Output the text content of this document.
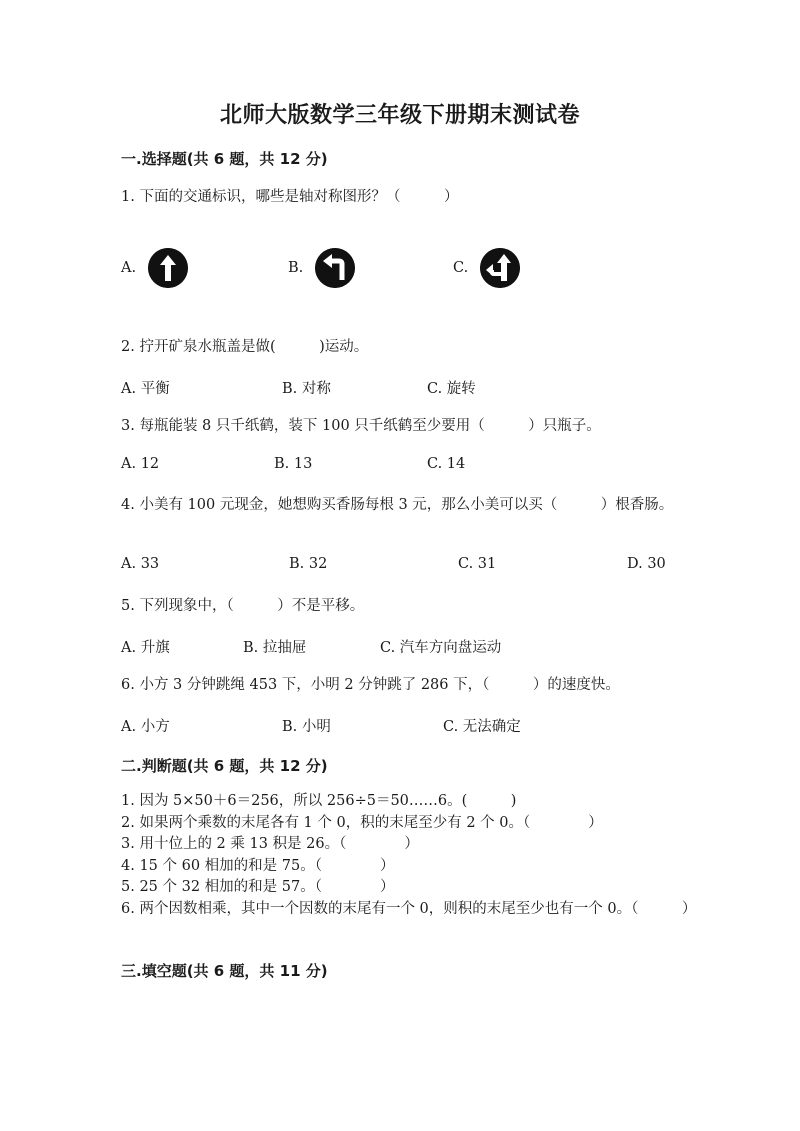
北师大版数学三年级下册期末测试卷
一.选择题(共 6 题，共 12 分)
1. 下面的交通标识，哪些是轴对称图形？（　　　）
A.	B.	C.
2. 拧开矿泉水瓶盖是做(　　　)运动。
A. 平衡	B. 对称	C. 旋转
3. 每瓶能装 8 只千纸鹤，装下 100 只千纸鹤至少要用（　　　）只瓶子。
A. 12	B. 13	C. 14
4. 小美有 100 元现金，她想购买香肠每根 3 元，那么小美可以买（　　　）根香肠。
A. 33	B. 32	C. 31	D. 30
5. 下列现象中，（　　　）不是平移。
A. 升旗	B. 拉抽屉	C. 汽车方向盘运动
6. 小方 3 分钟跳绳 453 下，小明 2 分钟跳了 286 下，（　　　）的速度快。
A. 小方	B. 小明	C. 无法确定
二.判断题(共 6 题，共 12 分)
1. 因为 5×50＋6＝256，所以 256÷5＝50……6。(　　　)
2. 如果两个乘数的末尾各有 1 个 0，积的末尾至少有 2 个 0。（　　　　）
3. 用十位上的 2 乘 13 积是 26。（　　　　）
4. 15 个 60 相加的和是 75。（　　　　）
5. 25 个 32 相加的和是 57。（　　　　）
6. 两个因数相乘，其中一个因数的末尾有一个 0，则积的末尾至少也有一个 0。（　　　）
三.填空题(共 6 题，共 11 分)
